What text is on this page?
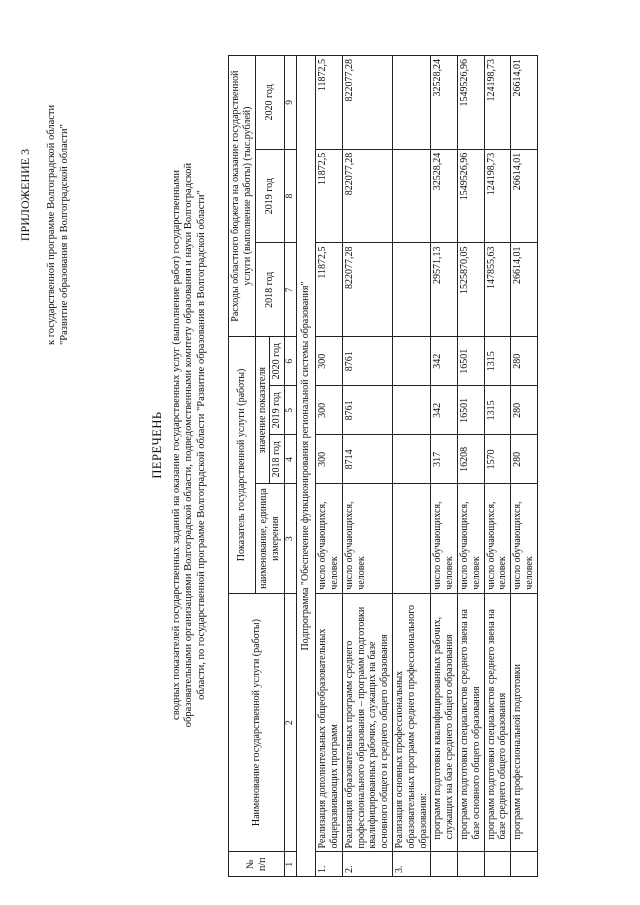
ПРИЛОЖЕНИЕ 3 к государственной программе Волгоградской области "Развитие образования в Волгоградской области"
ПЕРЕЧЕНЬ сводных показателей государственных заданий на оказание государственных услуг (выполнение работ) государственными образовательными организациями Волгоградской области, подведомственными комитету образования и науки Волгоградской области, по государственной программе Волгоградской области "Развитие образования в Волгоградской области"
№ п/п	Наименование государственной услуги (работы)	Показатель государственной услуги (работы)				Расходы областного бюджета на оказание государственной услуги (выполнение работы) (тыс.рублей)		
		наименование, единица измерения	значение показателя			2018 год	2019 год	2020 год
			2018 год	2019 год	2020 год			
1	2	3	4	5	6	7	8	9
Подпрограмма "Обеспечение функционирования региональной системы образования"								
1.	Реализация дополнительных общеобразовательных общеразвивающих программ	число обучающихся, человек	300	300	300	11872,5	11872,5	11872,5
2.	Реализация образовательных программ среднего профессионального образования – программ подготовки квалифицированных рабочих, служащих на базе основного общего и среднего общего образования	число обучающихся, человек	8714	8761	8761	822077,28	822077,28	822077,28
3.	Реализация основных профессиональных образовательных программ среднего профессионального образования:							
	программ подготовки квалифицированных рабочих, служащих на базе среднего общего образования	число обучающихся, человек	317	342	342	29571,13	32528,24	32528,24
	программ подготовки специалистов среднего звена на базе основного общего образования	число обучающихся, человек	16208	16501	16501	1525870,05	1549526,96	1549526,96
	программ подготовки специалистов среднего звена на базе среднего общего образования	число обучающихся, человек	1570	1315	1315	147855,63	124198,73	124198,73
	программ профессиональной подготовки	число обучающихся, человек	280	280	280	26614,01	26614,01	26614,01
